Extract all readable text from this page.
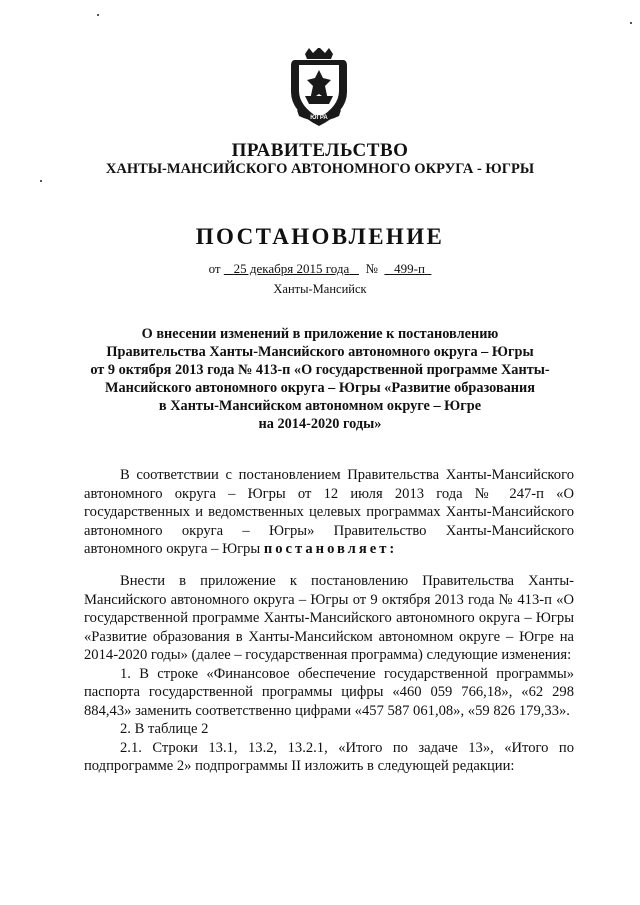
ЮГРА
ПРАВИТЕЛЬСТВО
ХАНТЫ-МАНСИЙСКОГО АВТОНОМНОГО ОКРУГА - ЮГРЫ
ПОСТАНОВЛЕНИЕ
от 25 декабря 2015 года № 499-п
Ханты-Мансийск
О внесении изменений в приложение к постановлению
Правительства Ханты-Мансийского автономного округа – Югры
от 9 октября 2013 года № 413-п «О государственной программе Ханты-
Мансийского автономного округа – Югры «Развитие образования
в Ханты-Мансийском автономном округе – Югре
на 2014-2020 годы»

В соответствии с постановлением Правительства Ханты-Мансийского автономного округа – Югры от 12 июля 2013 года № 247-п «О государственных и ведомственных целевых программах Ханты-Мансийского автономного округа – Югры» Правительство Ханты-Мансийского автономного округа – Югры постановляет:

Внести в приложение к постановлению Правительства Ханты-Мансийского автономного округа – Югры от 9 октября 2013 года № 413-п «О государственной программе Ханты-Мансийского автономного округа – Югры «Развитие образования в Ханты-Мансийском автономном округе – Югре на 2014-2020 годы» (далее – государственная программа) следующие изменения:

1. В строке «Финансовое обеспечение государственной программы» паспорта государственной программы цифры «460 059 766,18», «62 298 884,43» заменить соответственно цифрами «457 587 061,08», «59 826 179,33».

2. В таблице 2

2.1. Строки 13.1, 13.2, 13.2.1, «Итого по задаче 13», «Итого по подпрограмме 2» подпрограммы II изложить в следующей редакции:
